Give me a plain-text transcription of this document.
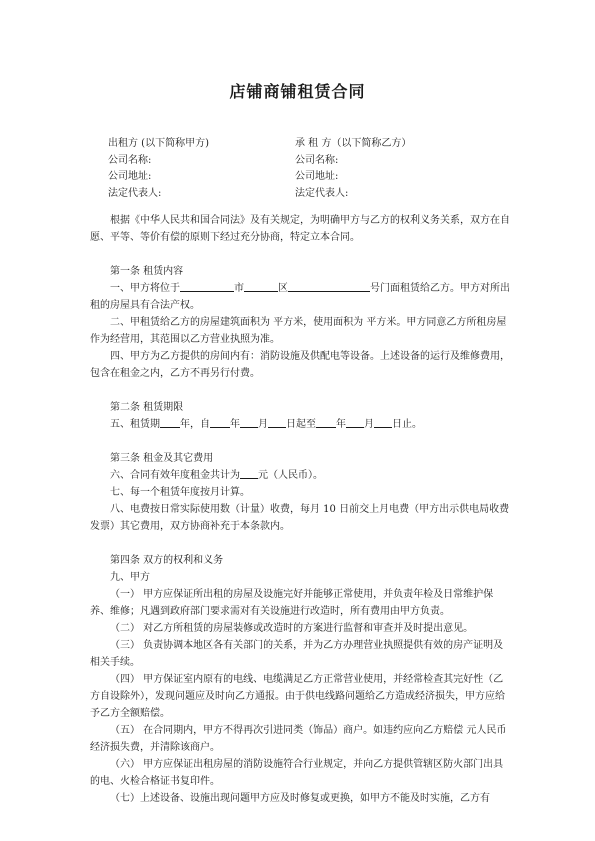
店铺商铺租赁合同
出租方 (以下简称甲方)	承 租 方（以下简称乙方）
公司名称:	公司名称:
公司地址:	公司地址:
法定代表人:	法定代表人:

根据《中华人民共和国合同法》及有关规定，为明确甲方与乙方的权利义务关系，双方在自愿、平等、等价有偿的原则下经过充分协商，特定立本合同。

第一条 租赁内容

一、甲方将位于	市	区	号门面租赁给乙方。甲方对所出租的房屋具有合法产权。

二、甲租赁给乙方的房屋建筑面积为 平方米，使用面积为 平方米。甲方同意乙方所租房屋作为经营用，其范围以乙方营业执照为准。

四、甲方为乙方提供的房间内有：消防设施及供配电等设备。上述设备的运行及维修费用，包含在租金之内，乙方不再另行付费。

第二条 租赁期限

五、租赁期 年，自 年 月 日起至 年 月 日止。

第三条 租金及其它费用

六、合同有效年度租金共计为 元（人民币）。

七、每一个租赁年度按月计算。

八、电费按日常实际使用数（计量）收费，每月 10 日前交上月电费（甲方出示供电局收费发票）其它费用，双方协商补充于本条款内。

第四条 双方的权利和义务

九、甲方

（一） 甲方应保证所出租的房屋及设施完好并能够正常使用，并负责年检及日常维护保养、维修；凡遇到政府部门要求需对有关设施进行改造时，所有费用由甲方负责。

（二） 对乙方所租赁的房屋装修或改造时的方案进行监督和审查并及时提出意见。

（三） 负责协调本地区各有关部门的关系，并为乙方办理营业执照提供有效的房产证明及相关手续。

（四） 甲方保证室内原有的电线、电缆满足乙方正常营业使用，并经常检查其完好性（乙方自设除外），发现问题应及时向乙方通报。由于供电线路问题给乙方造成经济损失，甲方应给予乙方全额赔偿。

（五） 在合同期内，甲方不得再次引进同类（饰品）商户。如违约应向乙方赔偿 元人民币经济损失费，并清除该商户。

（六） 甲方应保证出租房屋的消防设施符合行业规定，并向乙方提供管辖区防火部门出具的电、火检合格证书复印件。

（七）上述设备、设施出现问题甲方应及时修复或更换，如甲方不能及时实施，乙方有
